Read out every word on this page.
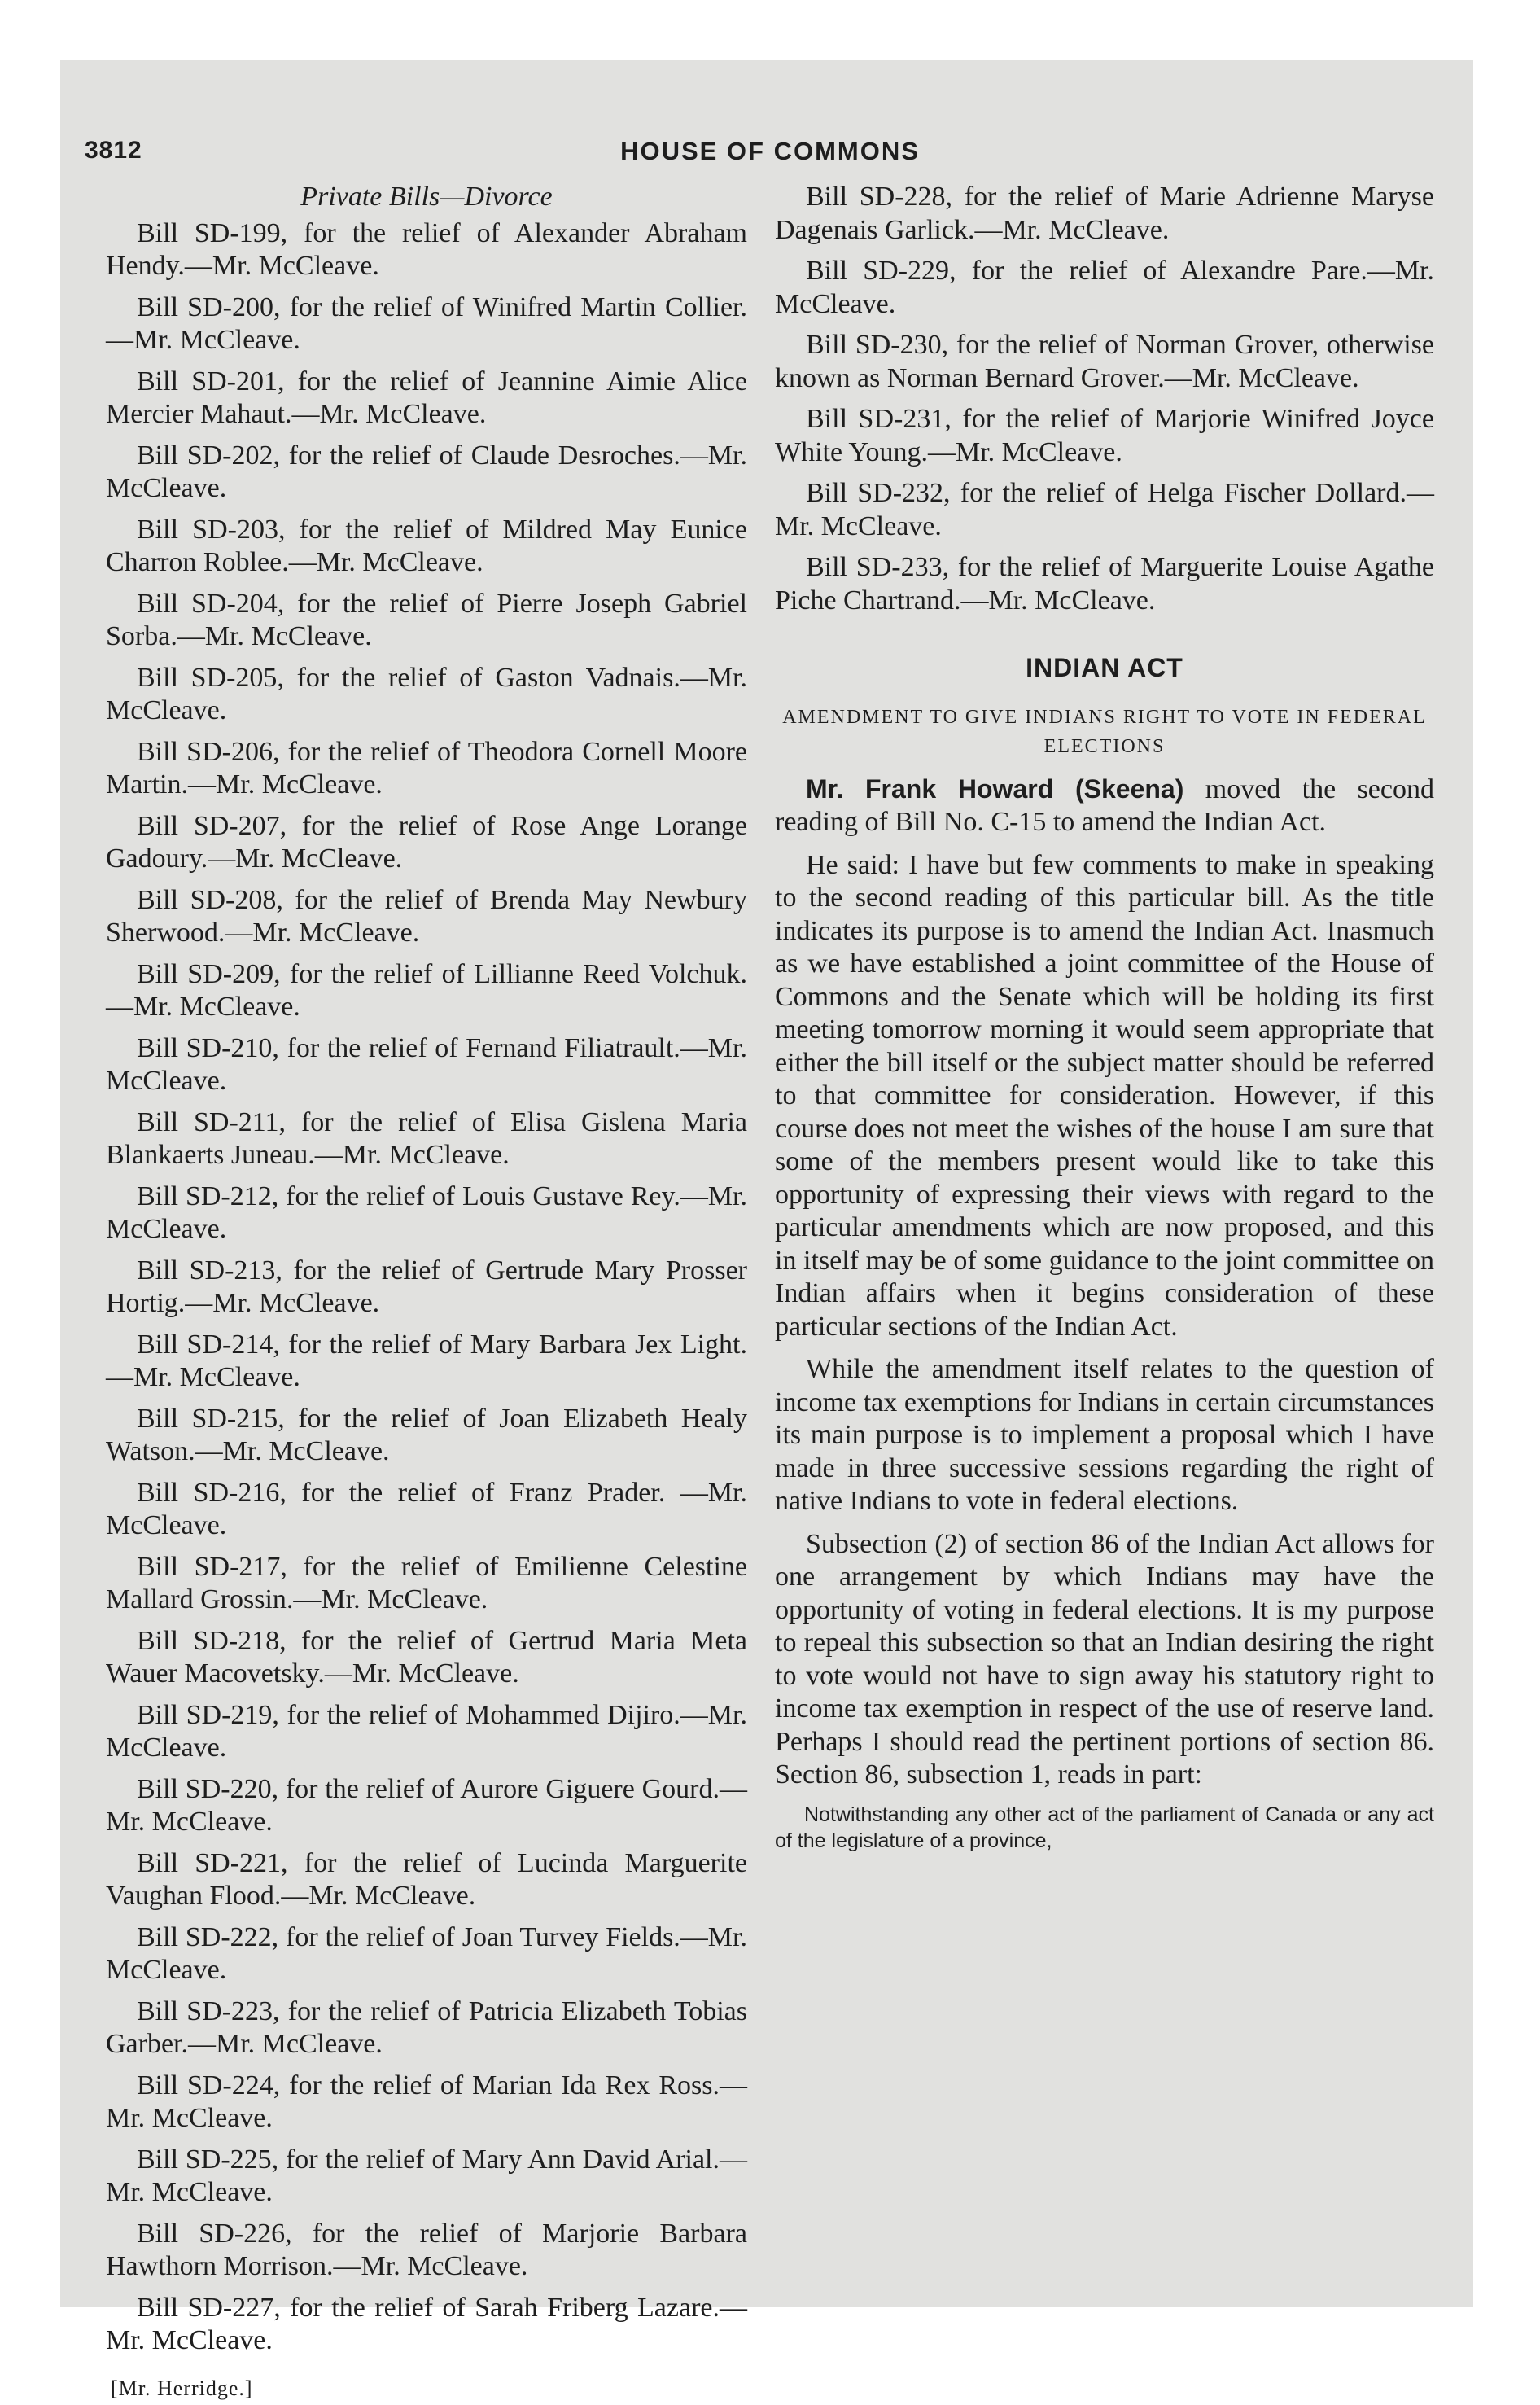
3812	HOUSE OF COMMONS
Private Bills—Divorce

Bill SD-199, for the relief of Alexander Abraham Hendy.—Mr. McCleave.

Bill SD-200, for the relief of Winifred Martin Collier.—Mr. McCleave.

Bill SD-201, for the relief of Jeannine Aimie Alice Mercier Mahaut.—Mr. McCleave.

Bill SD-202, for the relief of Claude Desroches.—Mr. McCleave.

Bill SD-203, for the relief of Mildred May Eunice Charron Roblee.—Mr. McCleave.

Bill SD-204, for the relief of Pierre Joseph Gabriel Sorba.—Mr. McCleave.

Bill SD-205, for the relief of Gaston Vadnais.—Mr. McCleave.

Bill SD-206, for the relief of Theodora Cornell Moore Martin.—Mr. McCleave.

Bill SD-207, for the relief of Rose Ange Lorange Gadoury.—Mr. McCleave.

Bill SD-208, for the relief of Brenda May Newbury Sherwood.—Mr. McCleave.

Bill SD-209, for the relief of Lillianne Reed Volchuk.—Mr. McCleave.

Bill SD-210, for the relief of Fernand Filiatrault.—Mr. McCleave.

Bill SD-211, for the relief of Elisa Gislena Maria Blankaerts Juneau.—Mr. McCleave.

Bill SD-212, for the relief of Louis Gustave Rey.—Mr. McCleave.

Bill SD-213, for the relief of Gertrude Mary Prosser Hortig.—Mr. McCleave.

Bill SD-214, for the relief of Mary Barbara Jex Light.—Mr. McCleave.

Bill SD-215, for the relief of Joan Elizabeth Healy Watson.—Mr. McCleave.

Bill SD-216, for the relief of Franz Prader. —Mr. McCleave.

Bill SD-217, for the relief of Emilienne Celestine Mallard Grossin.—Mr. McCleave.

Bill SD-218, for the relief of Gertrud Maria Meta Wauer Macovetsky.—Mr. McCleave.

Bill SD-219, for the relief of Mohammed Dijiro.—Mr. McCleave.

Bill SD-220, for the relief of Aurore Giguere Gourd.—Mr. McCleave.

Bill SD-221, for the relief of Lucinda Marguerite Vaughan Flood.—Mr. McCleave.

Bill SD-222, for the relief of Joan Turvey Fields.—Mr. McCleave.

Bill SD-223, for the relief of Patricia Elizabeth Tobias Garber.—Mr. McCleave.

Bill SD-224, for the relief of Marian Ida Rex Ross.—Mr. McCleave.

Bill SD-225, for the relief of Mary Ann David Arial.—Mr. McCleave.

Bill SD-226, for the relief of Marjorie Barbara Hawthorn Morrison.—Mr. McCleave.

Bill SD-227, for the relief of Sarah Friberg Lazare.—Mr. McCleave.

[Mr. Herridge.]

Bill SD-228, for the relief of Marie Adrienne Maryse Dagenais Garlick.—Mr. McCleave.

Bill SD-229, for the relief of Alexandre Pare.—Mr. McCleave.

Bill SD-230, for the relief of Norman Grover, otherwise known as Norman Bernard Grover.—Mr. McCleave.

Bill SD-231, for the relief of Marjorie Winifred Joyce White Young.—Mr. McCleave.

Bill SD-232, for the relief of Helga Fischer Dollard.—Mr. McCleave.

Bill SD-233, for the relief of Marguerite Louise Agathe Piche Chartrand.—Mr. McCleave.

INDIAN ACT
AMENDMENT TO GIVE INDIANS RIGHT TO VOTE IN FEDERAL ELECTIONS

Mr. Frank Howard (Skeena) moved the second reading of Bill No. C-15 to amend the Indian Act.

He said: I have but few comments to make in speaking to the second reading of this particular bill. As the title indicates its purpose is to amend the Indian Act. Inasmuch as we have established a joint committee of the House of Commons and the Senate which will be holding its first meeting tomorrow morning it would seem appropriate that either the bill itself or the subject matter should be referred to that committee for consideration. However, if this course does not meet the wishes of the house I am sure that some of the members present would like to take this opportunity of expressing their views with regard to the particular amendments which are now proposed, and this in itself may be of some guidance to the joint committee on Indian affairs when it begins consideration of these particular sections of the Indian Act.

While the amendment itself relates to the question of income tax exemptions for Indians in certain circumstances its main purpose is to implement a proposal which I have made in three successive sessions regarding the right of native Indians to vote in federal elections.

Subsection (2) of section 86 of the Indian Act allows for one arrangement by which Indians may have the opportunity of voting in federal elections. It is my purpose to repeal this subsection so that an Indian desiring the right to vote would not have to sign away his statutory right to income tax exemption in respect of the use of reserve land. Perhaps I should read the pertinent portions of section 86. Section 86, subsection 1, reads in part:

Notwithstanding any other act of the parliament of Canada or any act of the legislature of a province,
